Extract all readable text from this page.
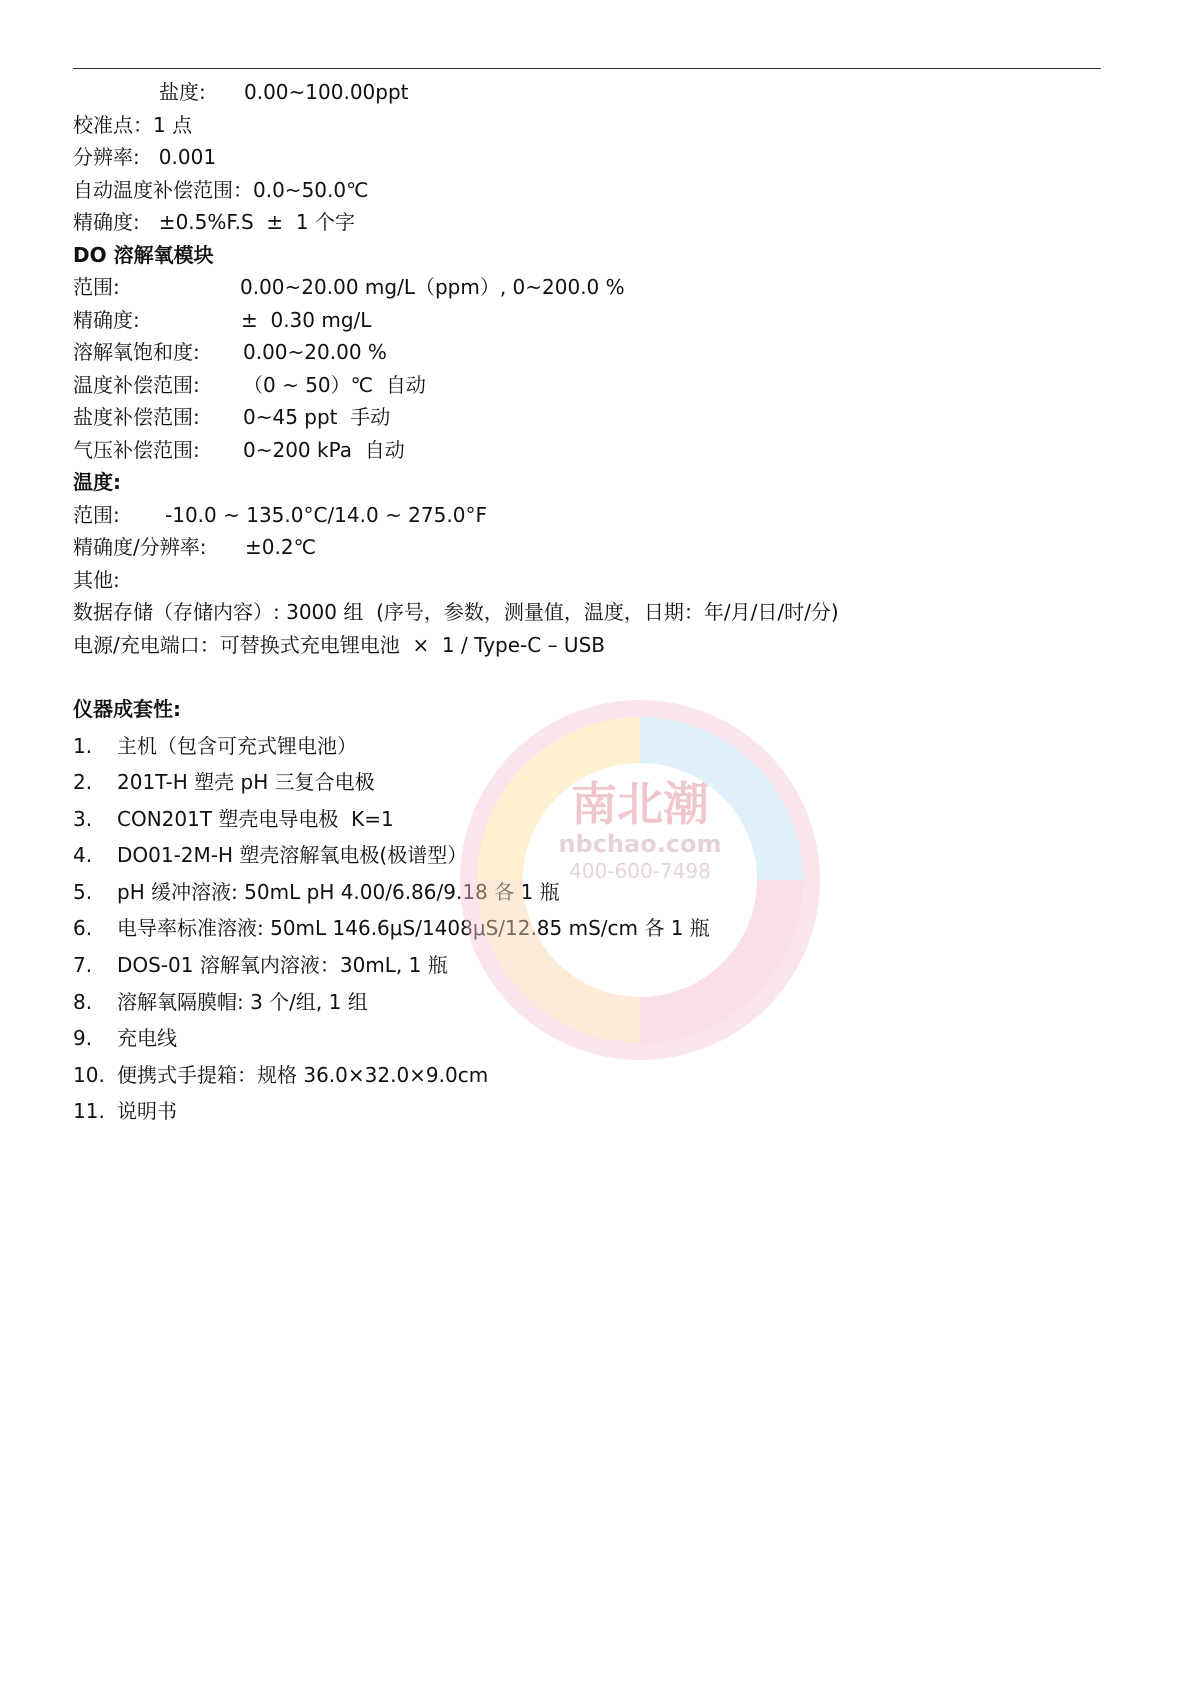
盐度: 0.00~100.00ppt
校准点：1 点
分辨率:   0.001
自动温度补偿范围：0.0~50.0℃
精确度:   ±0.5%F.S  ±  1 个字
DO 溶解氧模块
范围:	0.00~20.00 mg/L（ppm）, 0~200.0 %
精确度:	±  0.30 mg/L
溶解氧饱和度: 0.00~20.00 %
温度补偿范围: （0 ~ 50）℃  自动
盐度补偿范围: 0~45 ppt  手动
气压补偿范围: 0~200 kPa  自动
温度:
范围: -10.0 ~ 135.0°C/14.0 ~ 275.0°F
精确度/分辨率: ±0.2℃
其他:
数据存储（存储内容）: 3000 组  (序号，参数，测量值，温度，日期：年/月/日/时/分)
电源/充电端口：可替换式充电锂电池  ×  1 / Type-C – USB
仪器成套性:
1.	主机（包含可充式锂电池）
2.	201T-H 塑壳 pH 三复合电极
3.	CON201T 塑壳电导电极  K=1
4.	DO01-2M-H 塑壳溶解氧电极(极谱型）
5.	pH 缓冲溶液: 50mL pH 4.00/6.86/9.18 各 1 瓶
6.	电导率标准溶液: 50mL 146.6μS/1408μS/12.85 mS/cm 各 1 瓶
7.	DOS-01 溶解氧内溶液：30mL, 1 瓶
8.	溶解氧隔膜帽: 3 个/组, 1 组
9.	充电线
10. 便携式手提箱：规格 36.0×32.0×9.0cm
11. 说明书
南北潮
nbchao.com
400-600-7498
